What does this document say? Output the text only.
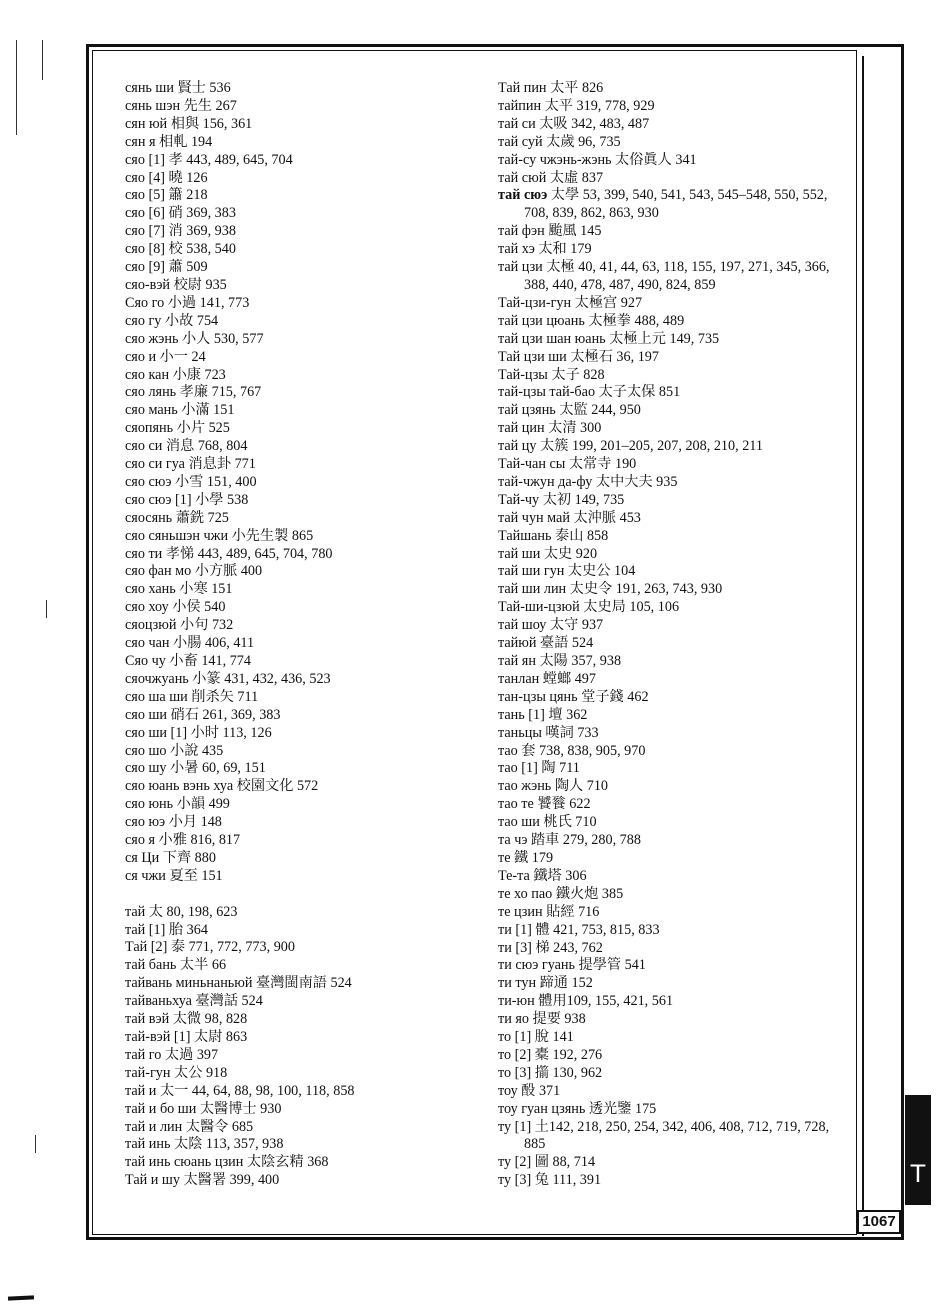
Т
1067
сянь ши 賢士 536
сянь шэн 先生 267
сян юй 相與 156, 361
сян я 相軋 194
сяо [1] 孝 443, 489, 645, 704
сяо [4] 曉 126
сяо [5] 簫 218
сяо [6] 硝 369, 383
сяо [7] 消 369, 938
сяо [8] 校 538, 540
сяо [9] 蕭 509
сяо-вэй 校尉 935
Сяо го 小過 141, 773
сяо гу 小故 754
сяо жэнь 小人 530, 577
сяо и 小一 24
сяо кан 小康 723
сяо лянь 孝廉 715, 767
сяо мань 小滿 151
сяопянь 小片 525
сяо си 消息 768, 804
сяо си гуа 消息卦 771
сяо сюэ 小雪 151, 400
сяо сюэ [1] 小學 538
сяосянь 蕭銑 725
сяо сяньшэн чжи 小先生製 865
сяо ти 孝悌 443, 489, 645, 704, 780
сяо фан мо 小方脈 400
сяо хань 小寒 151
сяо хоу 小侯 540
сяоцзюй 小句 732
сяо чан 小腸 406, 411
Сяо чу 小畜 141, 774
сяочжуань 小篆 431, 432, 436, 523
сяо ша ши 削杀矢 711
сяо ши 硝石 261, 369, 383
сяо ши [1] 小时 113, 126
сяо шо 小說 435
сяо шу 小暑 60, 69, 151
сяо юань вэнь хуа 校園文化 572
сяо юнь 小韻 499
сяо юэ 小月 148
сяо я 小雅 816, 817
ся Ци 下齊 880
ся чжи 夏至 151
тай 太 80, 198, 623
тай [1] 胎 364
Тай [2] 泰 771, 772, 773, 900
тай бань 太半 66
тайвань миньнаньюй 臺灣閩南語 524
тайваньхуа 臺灣話 524
тай вэй 太微 98, 828
тай-вэй [1] 太尉 863
тай го 太過 397
тай-гун 太公 918
тай и 太一 44, 64, 88, 98, 100, 118, 858
тай и бо ши 太醫博士 930
тай и лин 太醫令 685
тай инь 太陰 113, 357, 938
тай инь сюань цзин 太陰玄精 368
Тай и шу 太醫署 399, 400
Тай пин 太平 826
тайпин 太平 319, 778, 929
тай си 太吸 342, 483, 487
тай суй 太歲 96, 735
тай-су чжэнь-жэнь 太俗眞人 341
тай сюй 太虛 837
тай сюэ 太學 53, 399, 540, 541, 543, 545–548, 550, 552, 708, 839, 862, 863, 930
тай фэн 颱風 145
тай хэ 太和 179
тай цзи 太極 40, 41, 44, 63, 118, 155, 197, 271, 345, 366, 388, 440, 478, 487, 490, 824, 859
Тай-цзи-гун 太極宫 927
тай цзи цюань 太極拳 488, 489
тай цзи шан юань 太極上元 149, 735
Тай цзи ши 太極石 36, 197
Тай-цзы 太子 828
тай-цзы тай-бао 太子太保 851
тай цзянь 太監 244, 950
тай цин 太清 300
тай цу 太簇 199, 201–205, 207, 208, 210, 211
Тай-чан сы 太常寺 190
тай-чжун да-фу 太中大夫 935
Тай-чу 太初 149, 735
тай чун май 太沖脈 453
Тайшань 泰山 858
тай ши 太史 920
тай ши гун 太史公 104
тай ши лин 太史令 191, 263, 743, 930
Тай-ши-цзюй 太史局 105, 106
тай шоу 太守 937
тайюй 臺語 524
тай ян 太陽 357, 938
танлан 螳螂 497
тан-цзы цянь 堂子錢 462
тань [1] 壇 362
таньцы 嘆詞 733
тао 套 738, 838, 905, 970
тао [1] 陶 711
тао жэнь 陶人 710
тао те 饕餮 622
тао ши 桃氏 710
та чэ 踏車 279, 280, 788
те 鐵 179
Те-та 鐵塔 306
те хо пао 鐵火炮 385
те цзин 貼經 716
ти [1] 體 421, 753, 815, 833
ти [3] 梯 243, 762
ти сюэ гуань 提學管 541
ти тун 蹄通 152
ти-юн 體用109, 155, 421, 561
ти яо 提要 938
то [1] 脫 141
то [2] 橐 192, 276
то [3] 擶 130, 962
тоу 酘 371
тоу гуан цзянь 透光鑒 175
ту [1] 土142, 218, 250, 254, 342, 406, 408, 712, 719, 728, 885
ту [2] 圖 88, 714
ту [3] 兔 111, 391
